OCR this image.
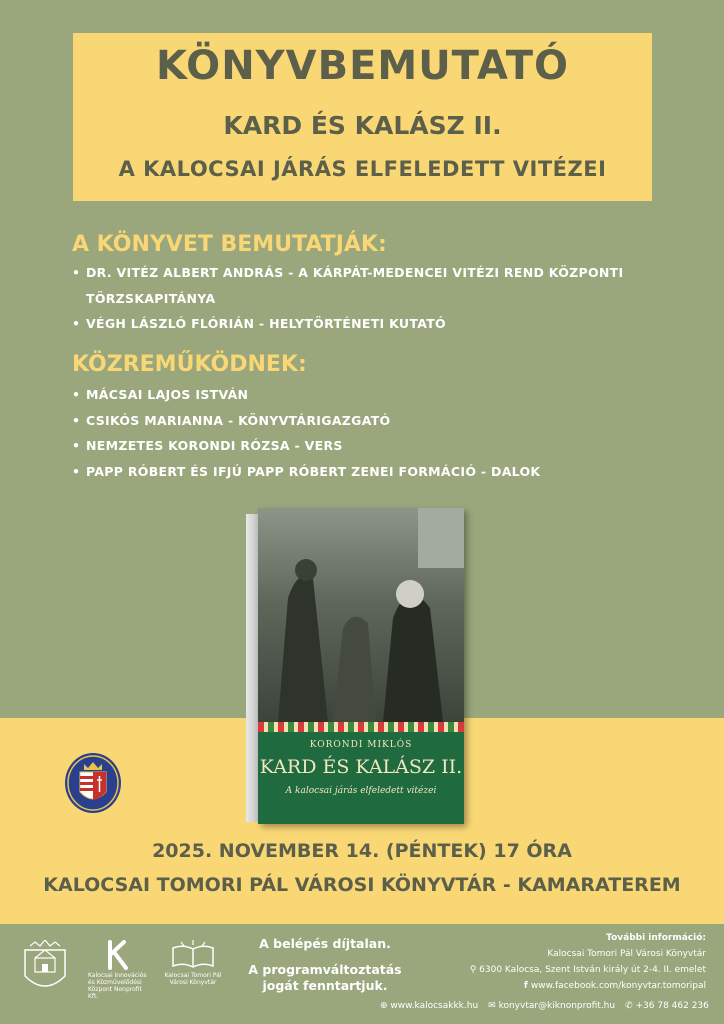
KÖNYVBEMUTATÓ
KARD ÉS KALÁSZ II.
A KALOCSAI JÁRÁS ELFELEDETT VITÉZEI
A KÖNYVET BEMUTATJÁK:
• DR. VITÉZ ALBERT ANDRÁS - A KÁRPÁT-MEDENCEI VITÉZI REND KÖZPONTI TÖRZSKAPITÁNYA
• VÉGH LÁSZLÓ FLÓRIÁN - HELYTÖRTÉNETI KUTATÓ
KÖZREMŰKÖDNEK:
• MÁCSAI LAJOS ISTVÁN
• CSIKÓS MARIANNA - KÖNYVTÁRIGAZGATÓ
• NEMZETES KORONDI RÓZSA - VERS
• PAPP RÓBERT ÉS IFJÚ PAPP RÓBERT ZENEI FORMÁCIÓ - DALOK
KORONDI MIKLÓS
KARD ÉS KALÁSZ II.
A kalocsai járás elfeledett vitézei
2025. NOVEMBER 14. (PÉNTEK) 17 ÓRA
KALOCSAI TOMORI PÁL VÁROSI KÖNYVTÁR - KAMARATEREM
Kalocsai Innovációs és Közművelődési Központ Nonprofit Kft.
Kalocsai Tomori Pál Városi Könyvtár
A belépés díjtalan.
A programváltoztatás jogát fenntartjuk.
További információ:
Kalocsai Tomori Pál Városi Könyvtár
⚲ 6300 Kalocsa, Szent István király út 2-4. II. emelet
f www.facebook.com/konyvtar.tomoripal
⊕ www.kalocsakkk.hu ✉ konyvtar@kiknonprofit.hu ✆ +36 78 462 236
